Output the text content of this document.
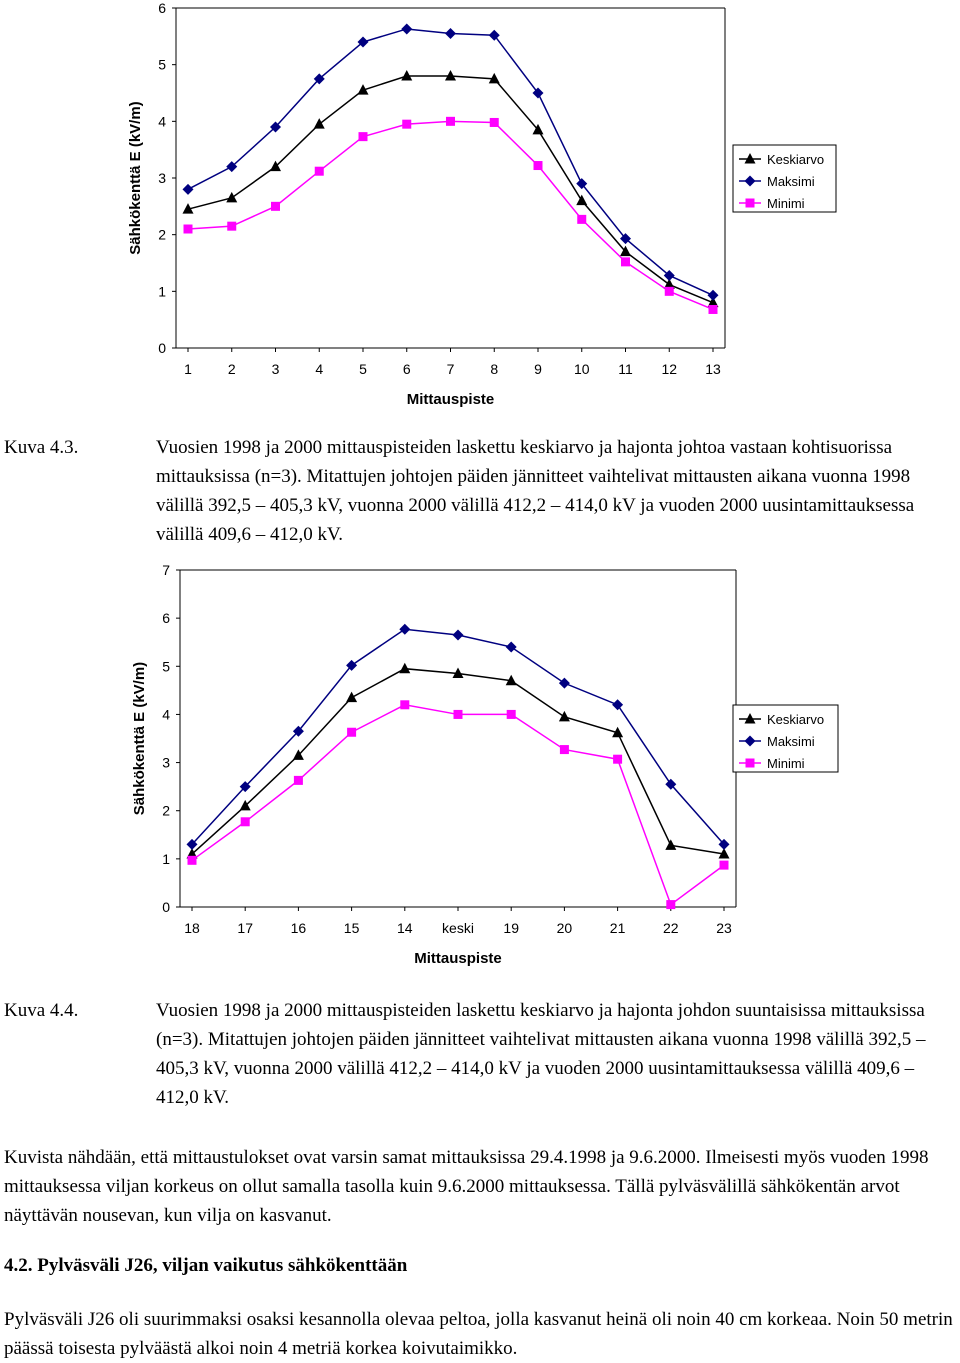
0
1
2
3
4
5
6
1	2	3	4	5	6	7	8	9 10 11 12 13
Mittauspiste
Sähkökenttä E (kV/m)	Keskiarvo
Maksimi
Minimi
Kuva 4.3.	Vuosien 1998 ja 2000 mittauspisteiden laskettu keskiarvo ja hajonta johtoa vastaan kohtisuorissa mittauksissa (n=3). Mitattujen johtojen päiden jännitteet vaihtelivat mittausten aikana vuonna 1998 välillä 392,5 – 405,3 kV, vuonna 2000 välillä 412,2 – 414,0 kV ja vuoden 2000 uusintamittauksessa välillä 409,6 – 412,0 kV.
0
1
2
3
4
5
6
7
18	17	16	15	14 keski 19	20	21	22	23
Mittauspiste
Sähkökenttä E (kV/m)	Keskiarvo
Maksimi
Minimi
Kuva 4.4.	Vuosien 1998 ja 2000 mittauspisteiden laskettu keskiarvo ja hajonta johdon suuntaisissa mittauksissa (n=3). Mitattujen johtojen päiden jännitteet vaihtelivat mittausten aikana vuonna 1998 välillä 392,5 – 405,3 kV, vuonna 2000 välillä 412,2 – 414,0 kV ja vuoden 2000 uusintamittauksessa välillä 409,6 – 412,0 kV.
Kuvista nähdään, että mittaustulokset ovat varsin samat mittauksissa 29.4.1998 ja 9.6.2000. Ilmeisesti myös vuoden 1998 mittauksessa viljan korkeus on ollut samalla tasolla kuin 9.6.2000 mittauksessa. Tällä pylväsvälillä sähkökentän arvot näyttävän nousevan, kun vilja on kasvanut.
4.2. Pylväsväli J26, viljan vaikutus sähkökenttään
Pylväsväli J26 oli suurimmaksi osaksi kesannolla olevaa peltoa, jolla kasvanut heinä oli noin 40 cm korkeaa. Noin 50 metrin päässä toisesta pylväästä alkoi noin 4 metriä korkea koivutaimikko.
